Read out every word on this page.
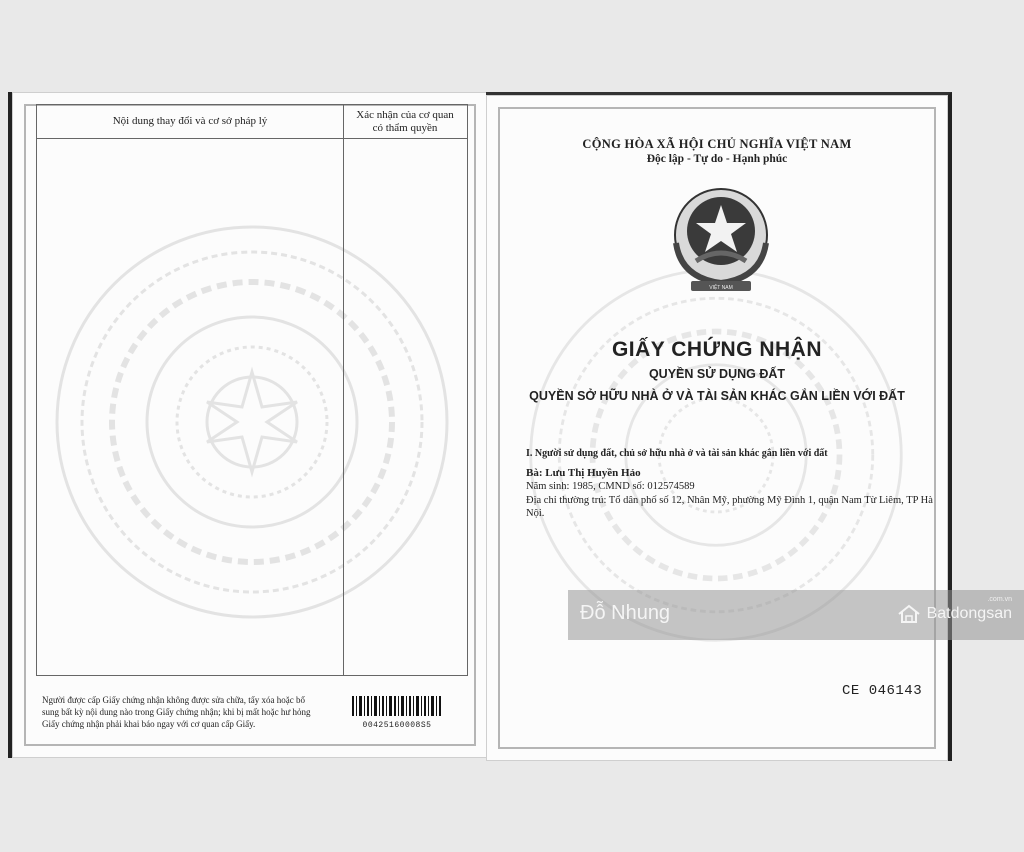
Nội dung thay đổi và cơ sở pháp lý	Xác nhận của cơ quan
có thẩm quyền
Người được cấp Giấy chứng nhận không được sửa chữa, tẩy xóa hoặc bổ sung bất kỳ nội dung nào trong Giấy chứng nhận; khi bị mất hoặc hư hỏng Giấy chứng nhận phải khai báo ngay với cơ quan cấp Giấy.	00425160008S5
CỘNG HÒA XÃ HỘI CHỦ NGHĨA VIỆT NAM
Độc lập - Tự do - Hạnh phúc
VIỆT NAM
GIẤY CHỨNG NHẬN
QUYỀN SỬ DỤNG ĐẤT
QUYỀN SỞ HỮU NHÀ Ở VÀ TÀI SẢN KHÁC GẮN LIỀN VỚI ĐẤT
I. Người sử dụng đất, chủ sở hữu nhà ở và tài sản khác gắn liền với đất
Bà: Lưu Thị Huyền Hảo
Năm sinh: 1985, CMND số: 012574589
Địa chỉ thường trú: Tổ dân phố số 12, Nhân Mỹ, phường Mỹ Đình 1, quận Nam Từ Liêm, TP Hà Nội.
CE 046143
Đỗ Nhung
.com.vn
Batdongsan
